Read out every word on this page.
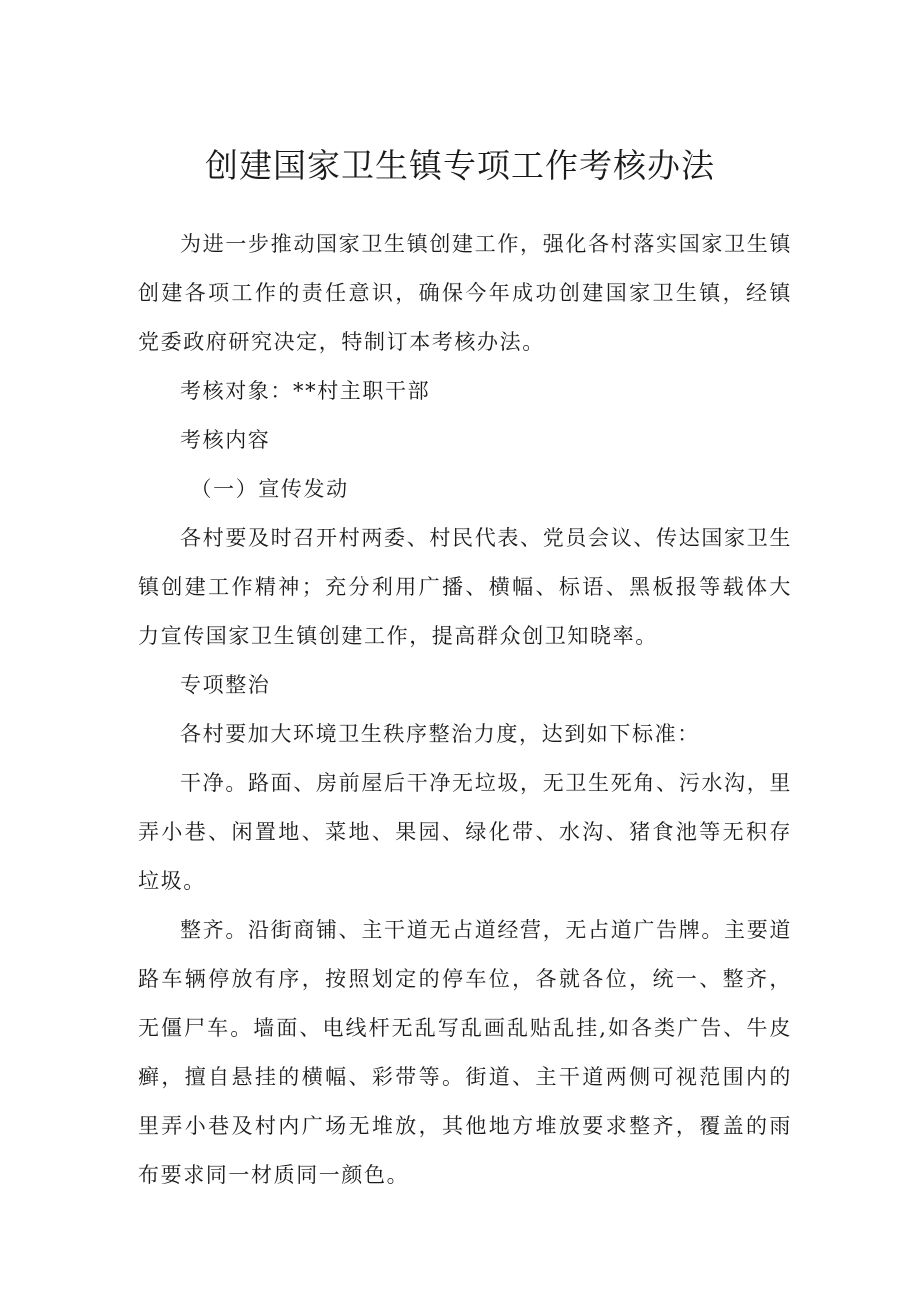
创建国家卫生镇专项工作考核办法

为进一步推动国家卫生镇创建工作，强化各村落实国家卫生镇创建各项工作的责任意识，确保今年成功创建国家卫生镇，经镇党委政府研究决定，特制订本考核办法。

考核对象：**村主职干部

考核内容

（一）宣传发动

各村要及时召开村两委、村民代表、党员会议、传达国家卫生镇创建工作精神；充分利用广播、横幅、标语、黑板报等载体大力宣传国家卫生镇创建工作，提高群众创卫知晓率。

专项整治

各村要加大环境卫生秩序整治力度，达到如下标准：

干净。路面、房前屋后干净无垃圾，无卫生死角、污水沟，里弄小巷、闲置地、菜地、果园、绿化带、水沟、猪食池等无积存垃圾。

整齐。沿街商铺、主干道无占道经营，无占道广告牌。主要道路车辆停放有序，按照划定的停车位，各就各位，统一、整齐，无僵尸车。墙面、电线杆无乱写乱画乱贴乱挂,如各类广告、牛皮癣，擅自悬挂的横幅、彩带等。街道、主干道两侧可视范围内的里弄小巷及村内广场无堆放，其他地方堆放要求整齐，覆盖的雨布要求同一材质同一颜色。
